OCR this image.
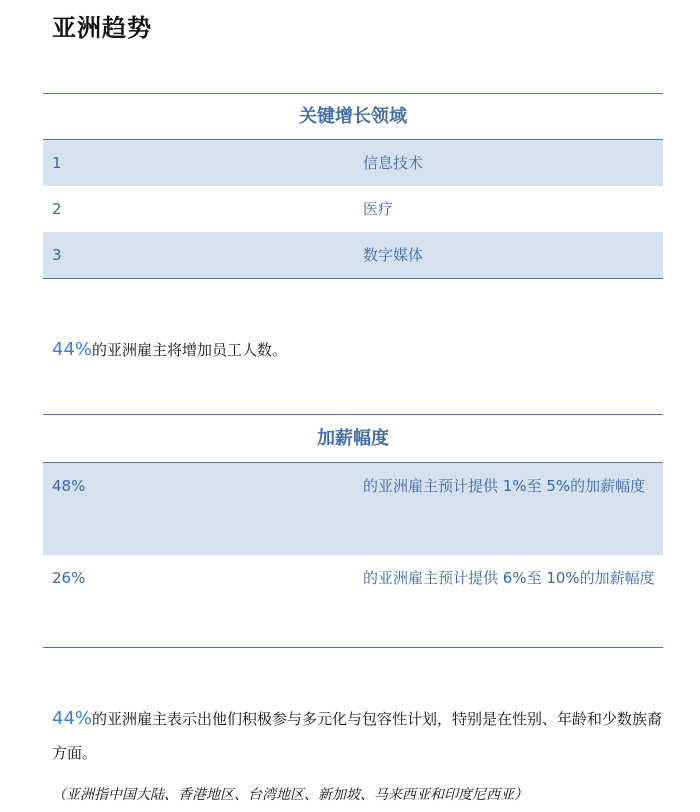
亚洲趋势
关键增长领域
1	信息技术
2	医疗
3	数字媒体
44%的亚洲雇主将增加员工人数。
加薪幅度
48%	的亚洲雇主预计提供 1%至 5%的加薪幅度
26%	的亚洲雇主预计提供 6%至 10%的加薪幅度
44%的亚洲雇主表示出他们积极参与多元化与包容性计划，特别是在性别、年龄和少数族裔方面。
（亚洲指中国大陆、香港地区、台湾地区、新加坡、马来西亚和印度尼西亚）
